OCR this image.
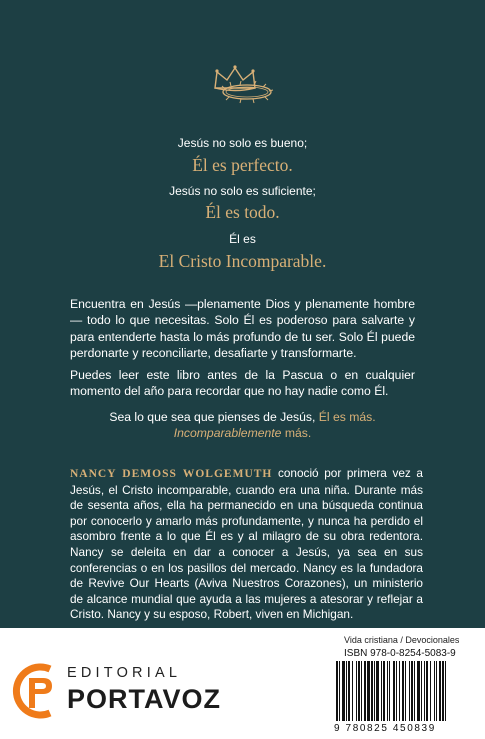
Jesús no solo es bueno;
Él es perfecto.
Jesús no solo es suficiente;
Él es todo.
Él es
El Cristo Incomparable.
Encuentra en Jesús —plenamente Dios y plenamente hombre— todo lo que necesitas. Solo Él es poderoso para salvarte y para entenderte hasta lo más profundo de tu ser. Solo Él puede perdonarte y reconciliarte, desafiarte y transformarte.
Puedes leer este libro antes de la Pascua o en cualquier momento del año para recordar que no hay nadie como Él.
Sea lo que sea que pienses de Jesús, Él es más.
Incomparablemente más.
NANCY DEMOSS WOLGEMUTH conoció por primera vez a Jesús, el Cristo incomparable, cuando era una niña. Durante más de sesenta años, ella ha permanecido en una búsqueda continua por conocerlo y amarlo más profundamente, y nunca ha perdido el asombro frente a lo que Él es y al milagro de su obra redentora. Nancy se deleita en dar a conocer a Jesús, ya sea en sus conferencias o en los pasillos del mercado. Nancy es la fundadora de Revive Our Hearts (Aviva Nuestros Corazones), un ministerio de alcance mundial que ayuda a las mujeres a atesorar y reflejar a Cristo. Nancy y su esposo, Robert, viven en Michigan.
EDITORIAL
PORTAVOZ
Vida cristiana / Devocionales
ISBN 978-0-8254-5083-9
9 780825 450839
